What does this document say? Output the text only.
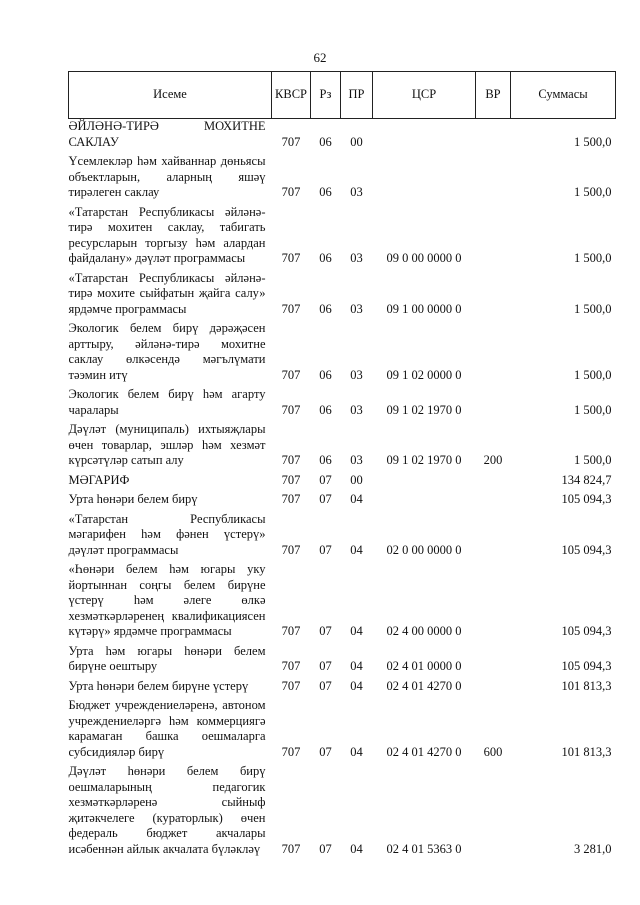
62
Исеме	КВСР	Рз	ПР	ЦСР	ВР	Суммасы

ӘЙЛӘНӘ-ТИРӘ МОХИТНЕ САКЛАУ	707	06	00			1 500,0

Үсемлекләр һәм хайваннар дөньясы объектларын, аларның яшәү тирәлеген саклау	707	06	03			1 500,0

«Татарстан Республикасы әйләнә-тирә мохитен саклау, табигать ресурсларын торгызу һәм алардан файдалану» дәүләт программасы	707	06	03	09 0 00 0000 0		1 500,0

«Татарстан Республикасы әйләнә-тирә мохите сыйфатын җайга салу» ярдәмче программасы	707	06	03	09 1 00 0000 0		1 500,0

Экологик белем бирү дәрәҗәсен арттыру, әйләнә-тирә мохитне саклау өлкәсендә мәгълүмати тәэмин итү	707	06	03	09 1 02 0000 0		1 500,0

Экологик белем бирү һәм агарту чаралары	707	06	03	09 1 02 1970 0		1 500,0

Дәүләт (муниципаль) ихтыяҗлары өчен товарлар, эшләр һәм хезмәт күрсәтүләр сатып алу	707	06	03	09 1 02 1970 0	200	1 500,0

МӘГАРИФ	707	07	00			134 824,7

Урта һөнәри белем бирү	707	07	04			105 094,3

«Татарстан Республикасы мәгарифен һәм фәнен үстерү» дәүләт программасы	707	07	04	02 0 00 0000 0		105 094,3

«Һөнәри белем һәм югары уку йортыннан соңгы белем бирүне үстерү һәм әлеге өлкә хезмәткәрләренең квалификациясен күтәрү» ярдәмче программасы	707	07	04	02 4 00 0000 0		105 094,3

Урта һәм югары һөнәри белем бирүне оештыру	707	07	04	02 4 01 0000 0		105 094,3

Урта һөнәри белем бирүне үстерү	707	07	04	02 4 01 4270 0		101 813,3

Бюджет учреждениеләренә, автоном учреждениеләргә һәм коммерциягә карамаган башка оешмаларга субсидияләр бирү	707	07	04	02 4 01 4270 0	600	101 813,3

Дәүләт һөнәри белем бирү оешмаларының педагогик хезмәткәрләренә сыйныф җитәкчелеге (кураторлык) өчен федераль бюджет акчалары исәбеннән айлык акчалата бүләкләү	707	07	04	02 4 01 5363 0		3 281,0
